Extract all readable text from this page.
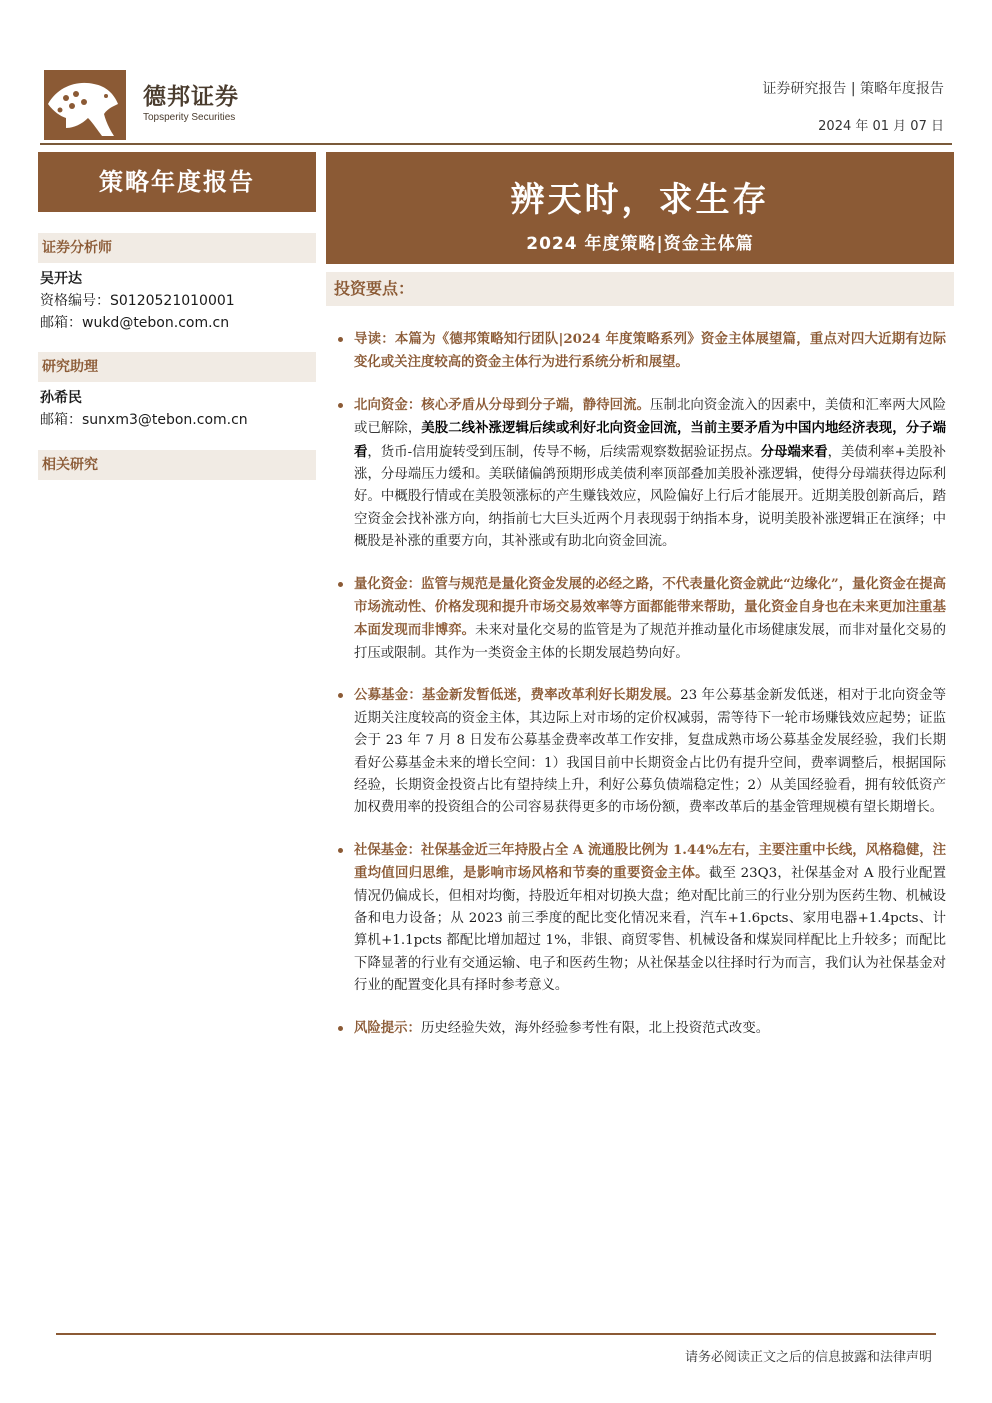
德邦证券
Topsperity Securities
证券研究报告 | 策略年度报告
2024 年 01 月 07 日
策略年度报告	辨天时，求生存
2024 年度策略|资金主体篇
证券分析师
吴开达
资格编号：S0120521010001
邮箱：wukd@tebon.com.cn
研究助理
孙希民
邮箱：sunxm3@tebon.com.cn
相关研究
投资要点：
导读：本篇为《德邦策略知行团队|2024 年度策略系列》资金主体展望篇，重点对四大近期有边际变化或关注度较高的资金主体行为进行系统分析和展望。
北向资金：核心矛盾从分母到分子端，静待回流。压制北向资金流入的因素中，美债和汇率两大风险或已解除，美股二线补涨逻辑后续或利好北向资金回流，当前主要矛盾为中国内地经济表现，分子端看，货币-信用旋转受到压制，传导不畅，后续需观察数据验证拐点。分母端来看，美债利率+美股补涨，分母端压力缓和。美联储偏鸽预期形成美债利率顶部叠加美股补涨逻辑，使得分母端获得边际利好。中概股行情或在美股领涨标的产生赚钱效应，风险偏好上行后才能展开。近期美股创新高后，踏空资金会找补涨方向，纳指前七大巨头近两个月表现弱于纳指本身，说明美股补涨逻辑正在演绎；中概股是补涨的重要方向，其补涨或有助北向资金回流。
量化资金：监管与规范是量化资金发展的必经之路，不代表量化资金就此“边缘化”，量化资金在提高市场流动性、价格发现和提升市场交易效率等方面都能带来帮助，量化资金自身也在未来更加注重基本面发现而非博弈。未来对量化交易的监管是为了规范并推动量化市场健康发展，而非对量化交易的打压或限制。其作为一类资金主体的长期发展趋势向好。
公募基金：基金新发暂低迷，费率改革利好长期发展。23 年公募基金新发低迷，相对于北向资金等近期关注度较高的资金主体，其边际上对市场的定价权减弱，需等待下一轮市场赚钱效应起势；证监会于 23 年 7 月 8 日发布公募基金费率改革工作安排，复盘成熟市场公募基金发展经验，我们长期看好公募基金未来的增长空间：1）我国目前中长期资金占比仍有提升空间，费率调整后，根据国际经验，长期资金投资占比有望持续上升，利好公募负债端稳定性；2）从美国经验看，拥有较低资产加权费用率的投资组合的公司容易获得更多的市场份额，费率改革后的基金管理规模有望长期增长。
社保基金：社保基金近三年持股占全 A 流通股比例为 1.44%左右，主要注重中长线，风格稳健，注重均值回归思维，是影响市场风格和节奏的重要资金主体。截至 23Q3，社保基金对 A 股行业配置情况仍偏成长，但相对均衡，持股近年相对切换大盘；绝对配比前三的行业分别为医药生物、机械设备和电力设备；从 2023 前三季度的配比变化情况来看，汽车+1.6pcts、家用电器+1.4pcts、计算机+1.1pcts 都配比增加超过 1%，非银、商贸零售、机械设备和煤炭同样配比上升较多；而配比下降显著的行业有交通运输、电子和医药生物；从社保基金以往择时行为而言，我们认为社保基金对行业的配置变化具有择时参考意义。
风险提示：历史经验失效，海外经验参考性有限，北上投资范式改变。
请务必阅读正文之后的信息披露和法律声明
